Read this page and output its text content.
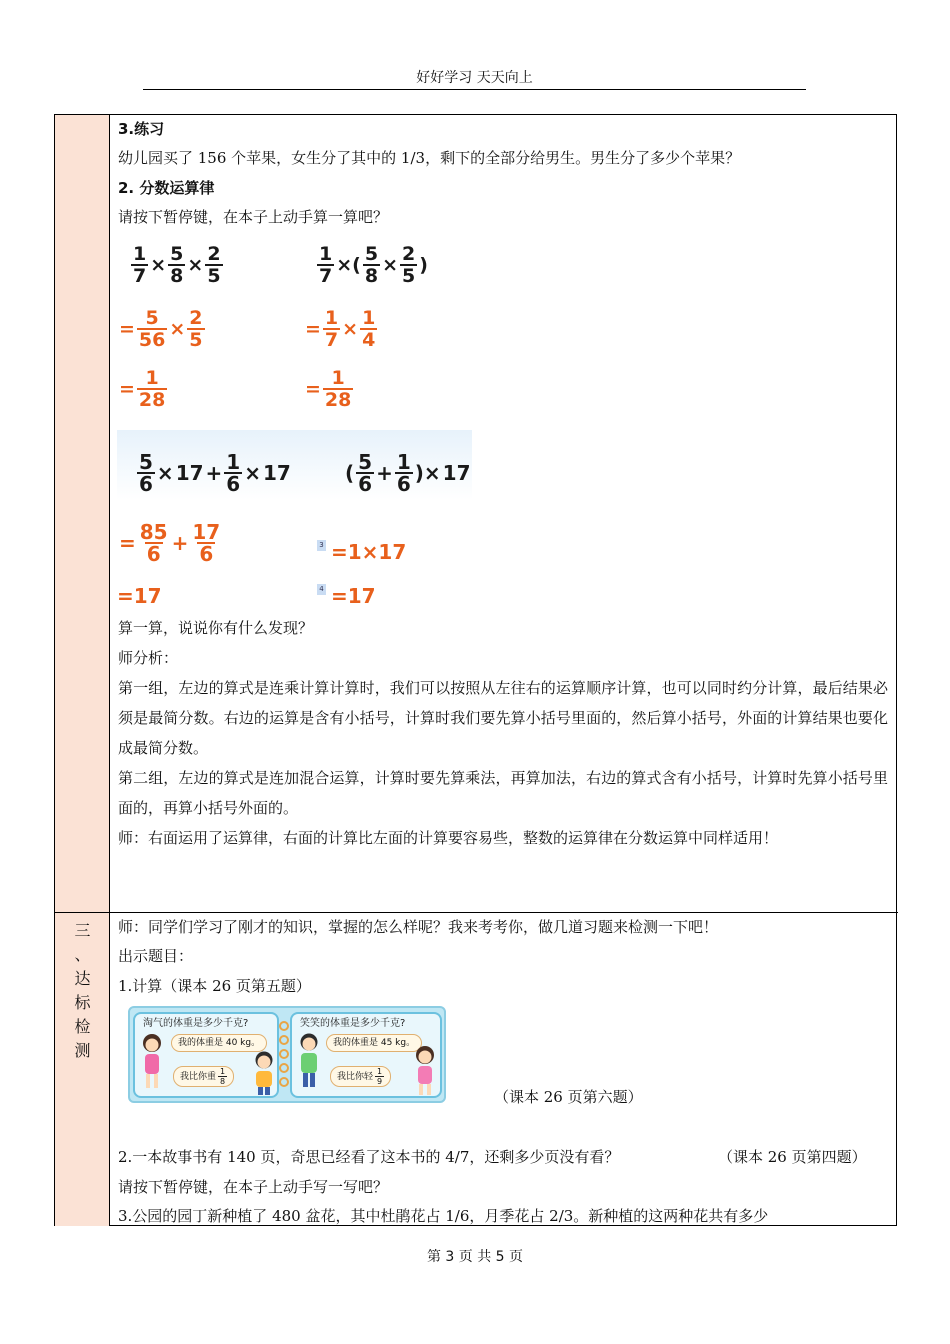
好好学习 天天向上
三
、
达
标
检
测
3.练习
幼儿园买了 156 个苹果，女生分了其中的 1/3，剩下的全部分给男生。男生分了多少个苹果？
2. 分数运算律
请按下暂停键，在本子上动手算一算吧？
$\frac{1}{7} \times \frac{5}{8} \times \frac{2}{5}$
= $\frac{5}{56} \times \frac{2}{5}$
= $\frac{1}{28}$
$\frac{1}{7}$ ×( $\frac{5}{8} \times \frac{2}{5}$ )
= $\frac{1}{7} \times \frac{1}{4}$
= $\frac{1}{28}$
$\frac{5}{6} \times 17 + \frac{1}{6} \times 17$
= $\frac{85}{6} + \frac{17}{6}$
=17
( $\frac{5}{6} + \frac{1}{6}$ )× 17
3 =1×17
4 =17
算一算，说说你有什么发现？
师分析：
第一组，左边的算式是连乘计算计算时，我们可以按照从左往右的运算顺序计算，也可以同时约分计算，最后结果必须是最简分数。右边的运算是含有小括号，计算时我们要先算小括号里面的，然后算小括号，外面的计算结果也要化成最简分数。
第二组，左边的算式是连加混合运算，计算时要先算乘法，再算加法，右边的算式含有小括号，计算时先算小括号里面的，再算小括号外面的。
师：右面运用了运算律，右面的计算比左面的计算要容易些，整数的运算律在分数运算中同样适用！
师：同学们学习了刚才的知识，掌握的怎么样呢？我来考考你，做几道习题来检测一下吧！
出示题目：
1.计算（课本 26 页第五题）
淘气的体重是多少千克?
我的体重是 40 kg。
我比你重 $\frac{1}{8}$
笑笑的体重是多少千克?
我的体重是 45 kg。
我比你轻 $\frac{1}{9}$
（课本 26 页第六题）
2.一本故事书有 140 页，奇思已经看了这本书的 4/7，还剩多少页没有看？	（课本 26 页第四题）
请按下暂停键，在本子上动手写一写吧？
3.公园的园丁新种植了 480 盆花，其中杜鹃花占 1/6，月季花占 2/3。新种植的这两种花共有多少
第 3 页 共 5 页
